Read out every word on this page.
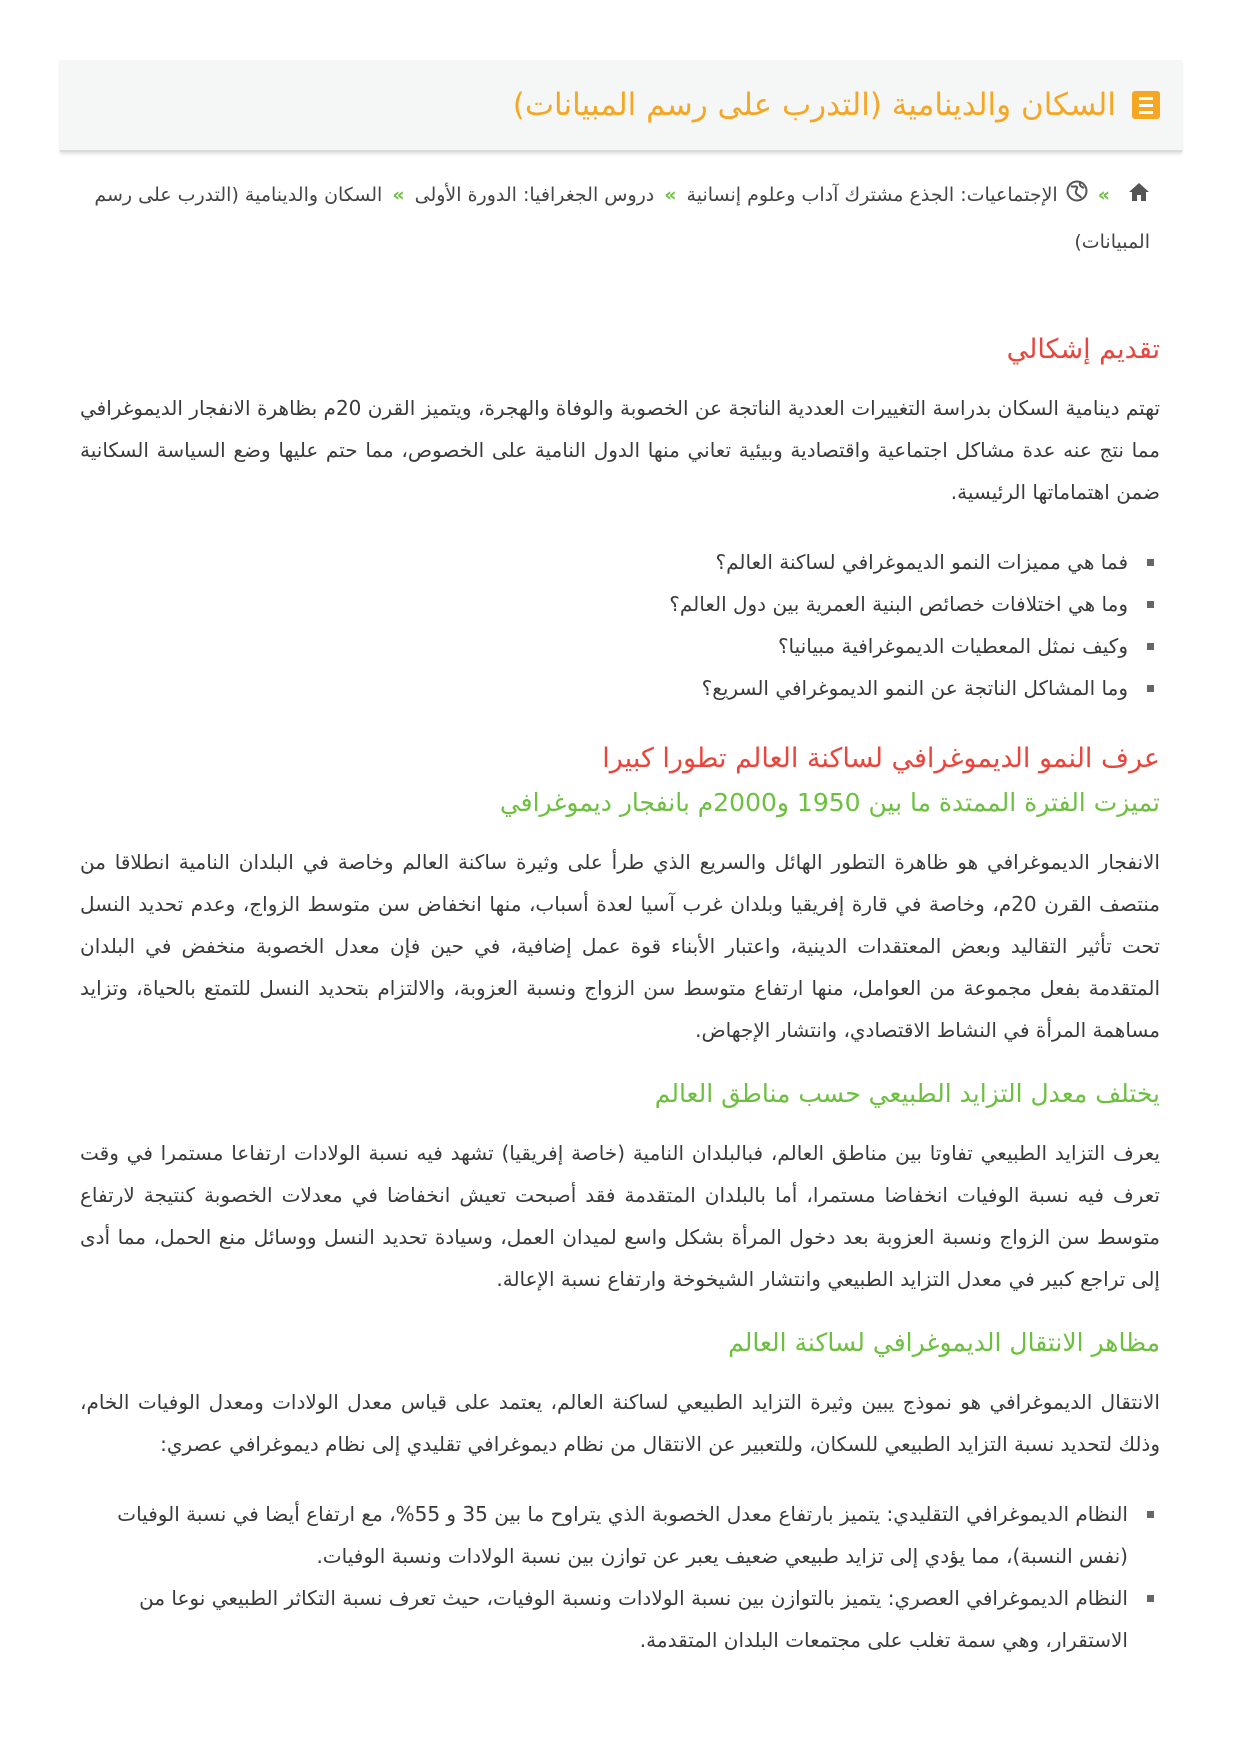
السكان والدينامية (التدرب على رسم المبيانات)
»الإجتماعيات: الجذع مشترك آداب وعلوم إنسانية»دروس الجغرافيا: الدورة الأولى»السكان والدينامية (التدرب على رسم المبيانات)
تقديم إشكالي

تهتم دينامية السكان بدراسة التغييرات العددية الناتجة عن الخصوبة والوفاة والهجرة، ويتميز القرن 20م بظاهرة الانفجار الديموغرافي مما نتج عنه عدة مشاكل اجتماعية واقتصادية وبيئية تعاني منها الدول النامية على الخصوص، مما حتم عليها وضع السياسة السكانية ضمن اهتماماتها الرئيسية.

فما هي مميزات النمو الديموغرافي لساكنة العالم؟
وما هي اختلافات خصائص البنية العمرية بين دول العالم؟
وكيف نمثل المعطيات الديموغرافية مبيانيا؟
وما المشاكل الناتجة عن النمو الديموغرافي السريع؟
عرف النمو الديموغرافي لساكنة العالم تطورا كبيرا
تميزت الفترة الممتدة ما بين 1950 و2000م بانفجار ديموغرافي

الانفجار الديموغرافي هو ظاهرة التطور الهائل والسريع الذي طرأ على وثيرة ساكنة العالم وخاصة في البلدان النامية انطلاقا من منتصف القرن 20م، وخاصة في قارة إفريقيا وبلدان غرب آسيا لعدة أسباب، منها انخفاض سن متوسط الزواج، وعدم تحديد النسل تحت تأثير التقاليد وبعض المعتقدات الدينية، واعتبار الأبناء قوة عمل إضافية، في حين فإن معدل الخصوبة منخفض في البلدان المتقدمة بفعل مجموعة من العوامل، منها ارتفاع متوسط سن الزواج ونسبة العزوبة، والالتزام بتحديد النسل للتمتع بالحياة، وتزايد مساهمة المرأة في النشاط الاقتصادي، وانتشار الإجهاض.

يختلف معدل التزايد الطبيعي حسب مناطق العالم

يعرف التزايد الطبيعي تفاوتا بين مناطق العالم، فبالبلدان النامية (خاصة إفريقيا) تشهد فيه نسبة الولادات ارتفاعا مستمرا في وقت تعرف فيه نسبة الوفيات انخفاضا مستمرا، أما بالبلدان المتقدمة فقد أصبحت تعيش انخفاضا في معدلات الخصوبة كنتيجة لارتفاع متوسط سن الزواج ونسبة العزوبة بعد دخول المرأة بشكل واسع لميدان العمل، وسيادة تحديد النسل ووسائل منع الحمل، مما أدى إلى تراجع كبير في معدل التزايد الطبيعي وانتشار الشيخوخة وارتفاع نسبة الإعالة.

مظاهر الانتقال الديموغرافي لساكنة العالم

الانتقال الديموغرافي هو نموذج يبين وثيرة التزايد الطبيعي لساكنة العالم، يعتمد على قياس معدل الولادات ومعدل الوفيات الخام، وذلك لتحديد نسبة التزايد الطبيعي للسكان، وللتعبير عن الانتقال من نظام ديموغرافي تقليدي إلى نظام ديموغرافي عصري:

النظام الديموغرافي التقليدي: يتميز بارتفاع معدل الخصوبة الذي يتراوح ما بين 35 و 55%، مع ارتفاع أيضا في نسبة الوفيات (نفس النسبة)، مما يؤدي إلى تزايد طبيعي ضعيف يعبر عن توازن بين نسبة الولادات ونسبة الوفيات.
النظام الديموغرافي العصري: يتميز بالتوازن بين نسبة الولادات ونسبة الوفيات، حيث تعرف نسبة التكاثر الطبيعي نوعا من الاستقرار، وهي سمة تغلب على مجتمعات البلدان المتقدمة.
